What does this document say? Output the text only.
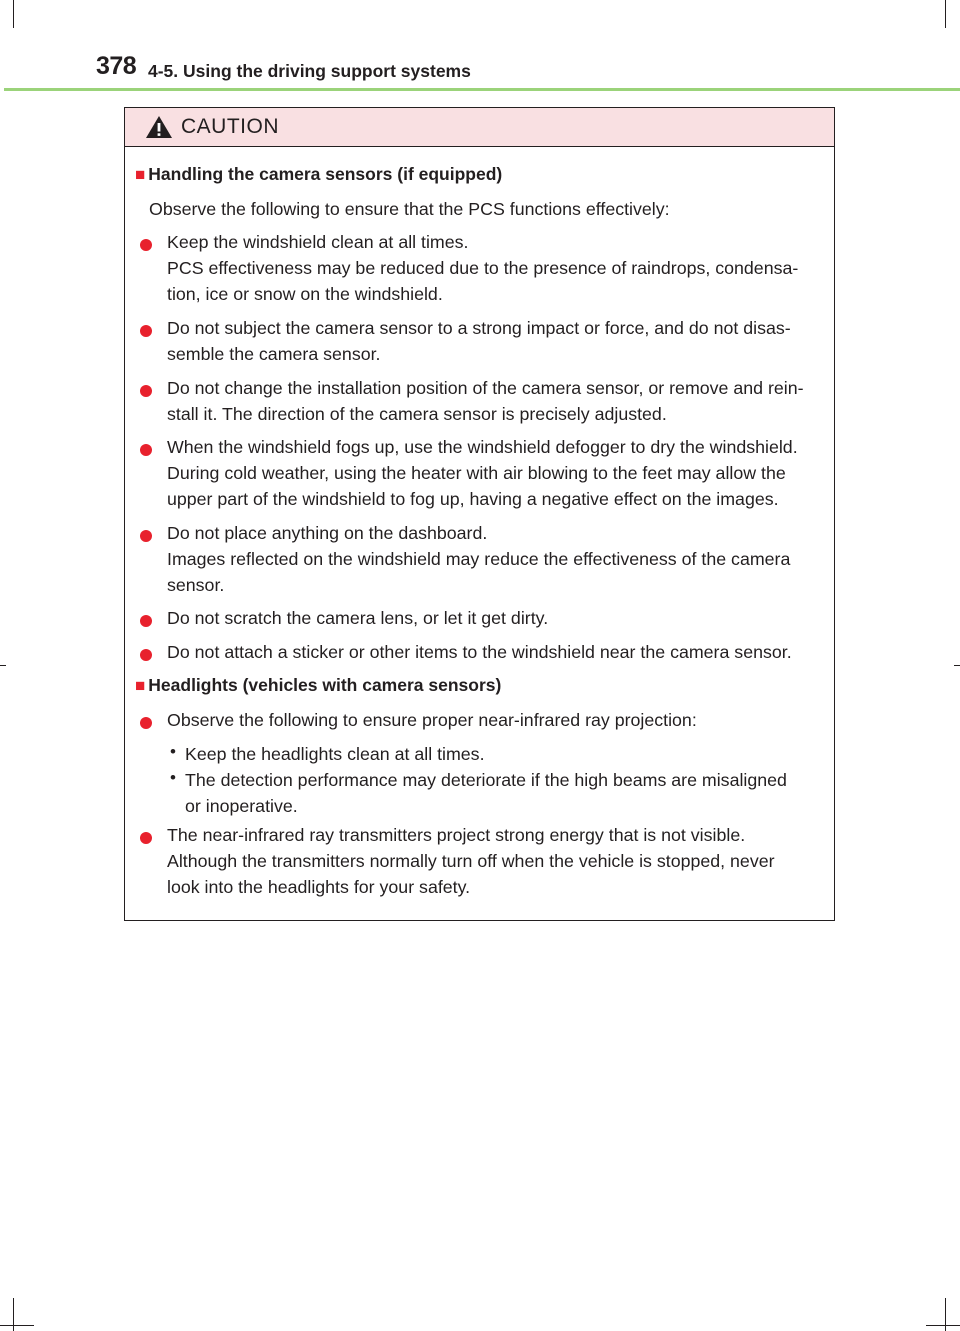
378 4-5. Using the driving support systems
CAUTION
■ Handling the camera sensors (if equipped)
Observe the following to ensure that the PCS functions effectively:
Keep the windshield clean at all times.
PCS effectiveness may be reduced due to the presence of raindrops, condensa-
tion, ice or snow on the windshield.
Do not subject the camera sensor to a strong impact or force, and do not disas-
semble the camera sensor.
Do not change the installation position of the camera sensor, or remove and rein-
stall it. The direction of the camera sensor is precisely adjusted.
When the windshield fogs up, use the windshield defogger to dry the windshield.
During cold weather, using the heater with air blowing to the feet may allow the
upper part of the windshield to fog up, having a negative effect on the images.
Do not place anything on the dashboard.
Images reflected on the windshield may reduce the effectiveness of the camera
sensor.
Do not scratch the camera lens, or let it get dirty.
Do not attach a sticker or other items to the windshield near the camera sensor.
■ Headlights (vehicles with camera sensors)
Observe the following to ensure proper near-infrared ray projection:
• Keep the headlights clean at all times.
• The detection performance may deteriorate if the high beams are misaligned
or inoperative.
The near-infrared ray transmitters project strong energy that is not visible.
Although the transmitters normally turn off when the vehicle is stopped, never
look into the headlights for your safety.
